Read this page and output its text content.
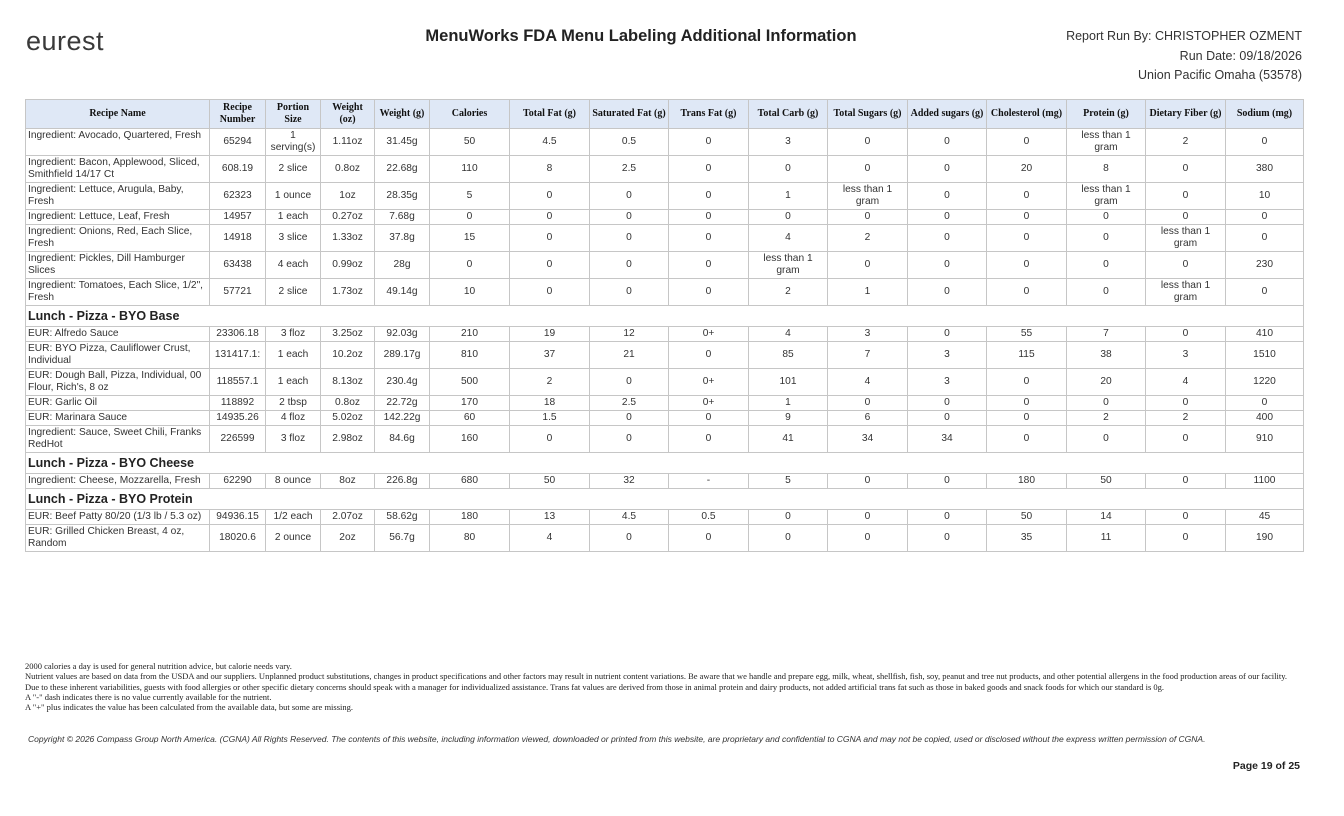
eurest	MenuWorks FDA Menu Labeling Additional Information	Report Run By: CHRISTOPHER OZMENT
Run Date: 09/18/2026
Union Pacific Omaha (53578)
Recipe Name	Recipe Number	Portion Size	Weight (oz)	Weight (g)	Calories	Total Fat (g)	Saturated Fat (g)	Trans Fat (g)	Total Carb (g)	Total Sugars (g)	Added sugars (g)	Cholesterol (mg)	Protein (g)	Dietary Fiber (g)	Sodium (mg)
Ingredient: Avocado, Quartered, Fresh	65294	1 serving(s)	1.11oz	31.45g	50	4.5	0.5	0	3	0	0	0	less than 1 gram	2	0
Ingredient: Bacon, Applewood, Sliced, Smithfield 14/17 Ct	608.19	2 slice	0.8oz	22.68g	110	8	2.5	0	0	0	0	20	8	0	380
Ingredient: Lettuce, Arugula, Baby, Fresh	62323	1 ounce	1oz	28.35g	5	0	0	0	1	less than 1 gram	0	0	less than 1 gram	0	10
Ingredient: Lettuce, Leaf, Fresh	14957	1 each	0.27oz	7.68g	0	0	0	0	0	0	0	0	0	0	0
Ingredient: Onions, Red, Each Slice, Fresh	14918	3 slice	1.33oz	37.8g	15	0	0	0	4	2	0	0	0	less than 1 gram	0
Ingredient: Pickles, Dill Hamburger Slices	63438	4 each	0.99oz	28g	0	0	0	0	less than 1 gram	0	0	0	0	0	230
Ingredient: Tomatoes, Each Slice, 1/2", Fresh	57721	2 slice	1.73oz	49.14g	10	0	0	0	2	1	0	0	0	less than 1 gram	0
Lunch - Pizza - BYO Base															
EUR: Alfredo Sauce	23306.18	3 floz	3.25oz	92.03g	210	19	12	0+	4	3	0	55	7	0	410
EUR: BYO Pizza, Cauliflower Crust, Individual	131417.1:	1 each	10.2oz	289.17g	810	37	21	0	85	7	3	115	38	3	1510
EUR: Dough Ball, Pizza, Individual, 00 Flour, Rich's, 8 oz	118557.1	1 each	8.13oz	230.4g	500	2	0	0+	101	4	3	0	20	4	1220
EUR: Garlic Oil	118892	2 tbsp	0.8oz	22.72g	170	18	2.5	0+	1	0	0	0	0	0	0
EUR: Marinara Sauce	14935.26	4 floz	5.02oz	142.22g	60	1.5	0	0	9	6	0	0	2	2	400
Ingredient: Sauce, Sweet Chili, Franks RedHot	226599	3 floz	2.98oz	84.6g	160	0	0	0	41	34	34	0	0	0	910
Lunch - Pizza - BYO Cheese															
Ingredient: Cheese, Mozzarella, Fresh	62290	8 ounce	8oz	226.8g	680	50	32	-	5	0	0	180	50	0	1100
Lunch - Pizza - BYO Protein															
EUR: Beef Patty 80/20 (1/3 lb / 5.3 oz)	94936.15	1/2 each	2.07oz	58.62g	180	13	4.5	0.5	0	0	0	50	14	0	45
EUR: Grilled Chicken Breast, 4 oz, Random	18020.6	2 ounce	2oz	56.7g	80	4	0	0	0	0	0	35	11	0	190
2000 calories a day is used for general nutrition advice, but calorie needs vary.
Nutrient values are based on data from the USDA and our suppliers. Unplanned product substitutions, changes in product specifications and other factors may result in nutrient content variations. Be aware that we handle and prepare egg, milk, wheat, shellfish, fish, soy, peanut and tree nut products, and other potential allergens in the food production areas of our facility. Due to these inherent variabilities, guests with food allergies or other specific dietary concerns should speak with a manager for individualized assistance. Trans fat values are derived from those in animal protein and dairy products, not added artificial trans fat such as those in baked goods and snack foods for which our standard is 0g.
A "-" dash indicates there is no value currently available for the nutrient.
A "+" plus indicates the value has been calculated from the available data, but some are missing.
Copyright © 2026 Compass Group North America. (CGNA) All Rights Reserved. The contents of this website, including information viewed, downloaded or printed from this website, are proprietary and confidential to CGNA and may not be copied, used or disclosed without the express written permission of CGNA.
Page 19 of 25
